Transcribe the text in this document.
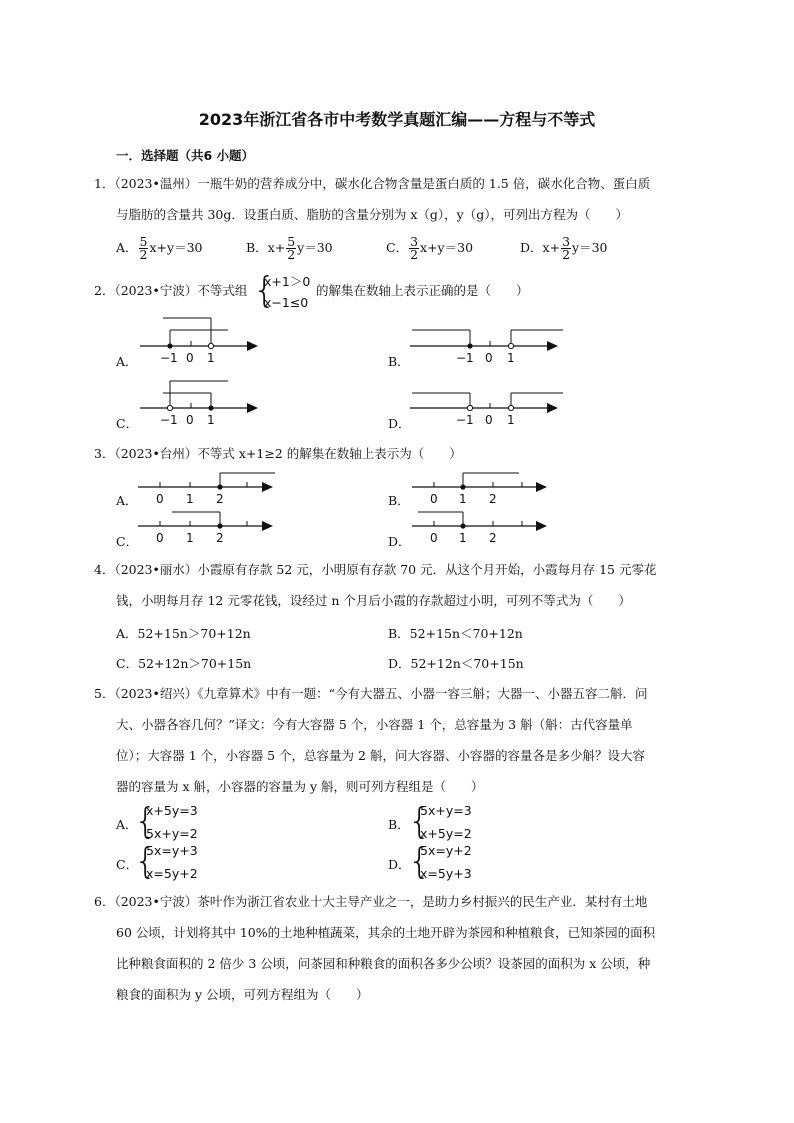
2023年浙江省各市中考数学真题汇编——方程与不等式
一．选择题（共6 小题）
1．（2023•温州）一瓶牛奶的营养成分中，碳水化合物含量是蛋白质的 1.5 倍，碳水化合物、蛋白质
与脂肪的含量共 30g．设蛋白质、脂肪的含量分别为 x（g），y（g），可列出方程为（　　）
A． $\frac{5}{2} x+y=30$	B．$x+ \frac{5}{2} y=30$	C． $\frac{3}{2} x+y=30$	D．$x+ \frac{3}{2} y=30$
2．（2023•宁波）不等式组 {
x+1＞0
x−1≤0
的解集在数轴上表示正确的是（　　）
−1 0 1	−1 0 1
−1 0 1	−1 0 1
0 1 2	0 1 2
0 1 2	0 1 2
A．	B．
C．	D．
3．（2023•台州）不等式 x+1≥2 的解集在数轴上表示为（　　）
A．	B．
C．	D．
4．（2023•丽水）小霞原有存款 52 元，小明原有存款 70 元．从这个月开始，小霞每月存 15 元零花
钱，小明每月存 12 元零花钱，设经过 n 个月后小霞的存款超过小明，可列不等式为（　　）
A．52+15n＞70+12n	B．52+15n＜70+12n
C．52+12n＞70+15n	D．52+12n＜70+15n
5．（2023•绍兴）《九章算术》中有一题：“今有大器五、小器一容三斛；大器一、小器五容二斛．问
大、小器各容几何？”译文：今有大容器 5 个，小容器 1 个，总容量为 3 斛（斛：古代容量单
位）；大容器 1 个，小容器 5 个，总容量为 2 斛，问大容器、小容器的容量各是多少斛？设大容
器的容量为 x 斛，小容器的容量为 y 斛，则可列方程组是（　　）
A．
{
x+5y=3
5x+y=2
B．
{
5x+y=3
x+5y=2
C．
{
5x=y+3
x=5y+2
D．
{
5x=y+2
x=5y+3
6．（2023•宁波）茶叶作为浙江省农业十大主导产业之一，是助力乡村振兴的民生产业．某村有土地
60 公顷，计划将其中 10%的土地种植蔬菜，其余的土地开辟为茶园和种植粮食，已知茶园的面积
比种粮食面积的 2 倍少 3 公顷，问茶园和种粮食的面积各多少公顷？设茶园的面积为 x 公顷，种
粮食的面积为 y 公顷，可列方程组为（　　）
